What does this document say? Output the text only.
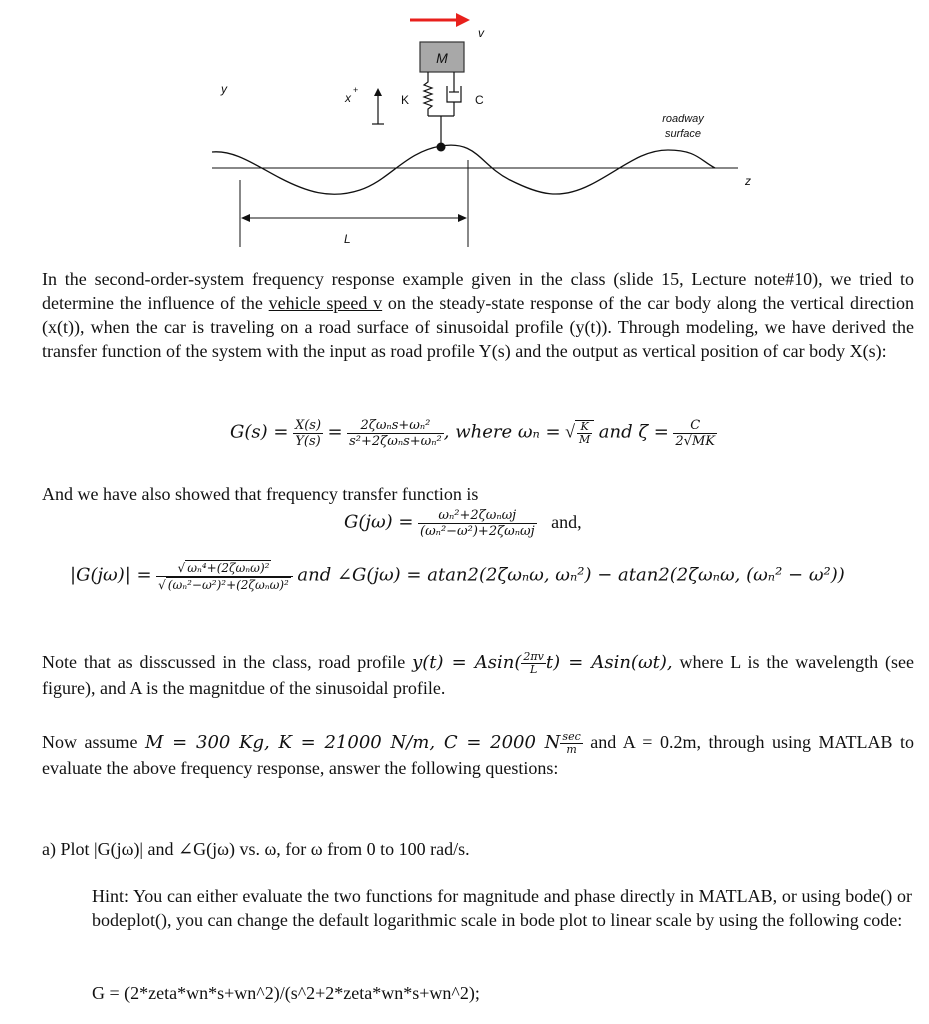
v
M
K	C
x
+
y
z
roadway
surface
L

In the second-order-system frequency response example given in the class (slide 15, Lecture note#10), we tried to determine the influence of the vehicle speed v on the steady-state response of the car body along the vertical direction (x(t)), when the car is traveling on a road surface of sinusoidal profile (y(t)). Through modeling, we have derived the transfer function of the system with the input as road profile Y(s) and the output as vertical position of car body X(s):

$G(s) = \frac{X(s)}{Y(s)} = \frac{\text{2ζωₙs+ωₙ²}}{\text{s²+2ζωₙs+ωₙ²}}$ , where ωₙ = √ $\frac{K}{M}$ and $\zeta = \frac{C}{2√MK}$

And we have also showed that frequency transfer function is

$G(j\omega) = \frac{\text{ωₙ²+2ζωₙωj}}{\text{(ωₙ²−ω²)+2ζωₙωj}}$ and,
$|G(j\omega)| = \frac{\text{√ ωₙ⁴+(2ζωₙω)²}}{\text{√ (ωₙ²−ω²)²+(2ζωₙω)²}}$ and ∠G(jω) = atan2(2ζωₙω, ωₙ²) − atan2(2ζωₙω, (ωₙ² − ω²))

Note that as disscussed in the class, road profile $y(t) = Asin( \frac{2\pi v}{L} t) = Asin(\omega t)$, where L is the wavelength (see figure), and A is the magnitdue of the sinusoidal profile.

Now assume M = 300 Kg, K = 21000 N/m, C = 2000 N $\frac{\sec}{m}$ and A = 0.2m, through using MATLAB to evaluate the above frequency response, answer the following questions:

a) Plot |G(jω)| and ∠G(jω) vs. ω, for ω from 0 to 100 rad/s.

Hint: You can either evaluate the two functions for magnitude and phase directly in MATLAB, or using bode() or bodeplot(), you can change the default logarithmic scale in bode plot to linear scale by using the following code:

G = (2*zeta*wn*s+wn^2)/(s^2+2*zeta*wn*s+wn^2);
